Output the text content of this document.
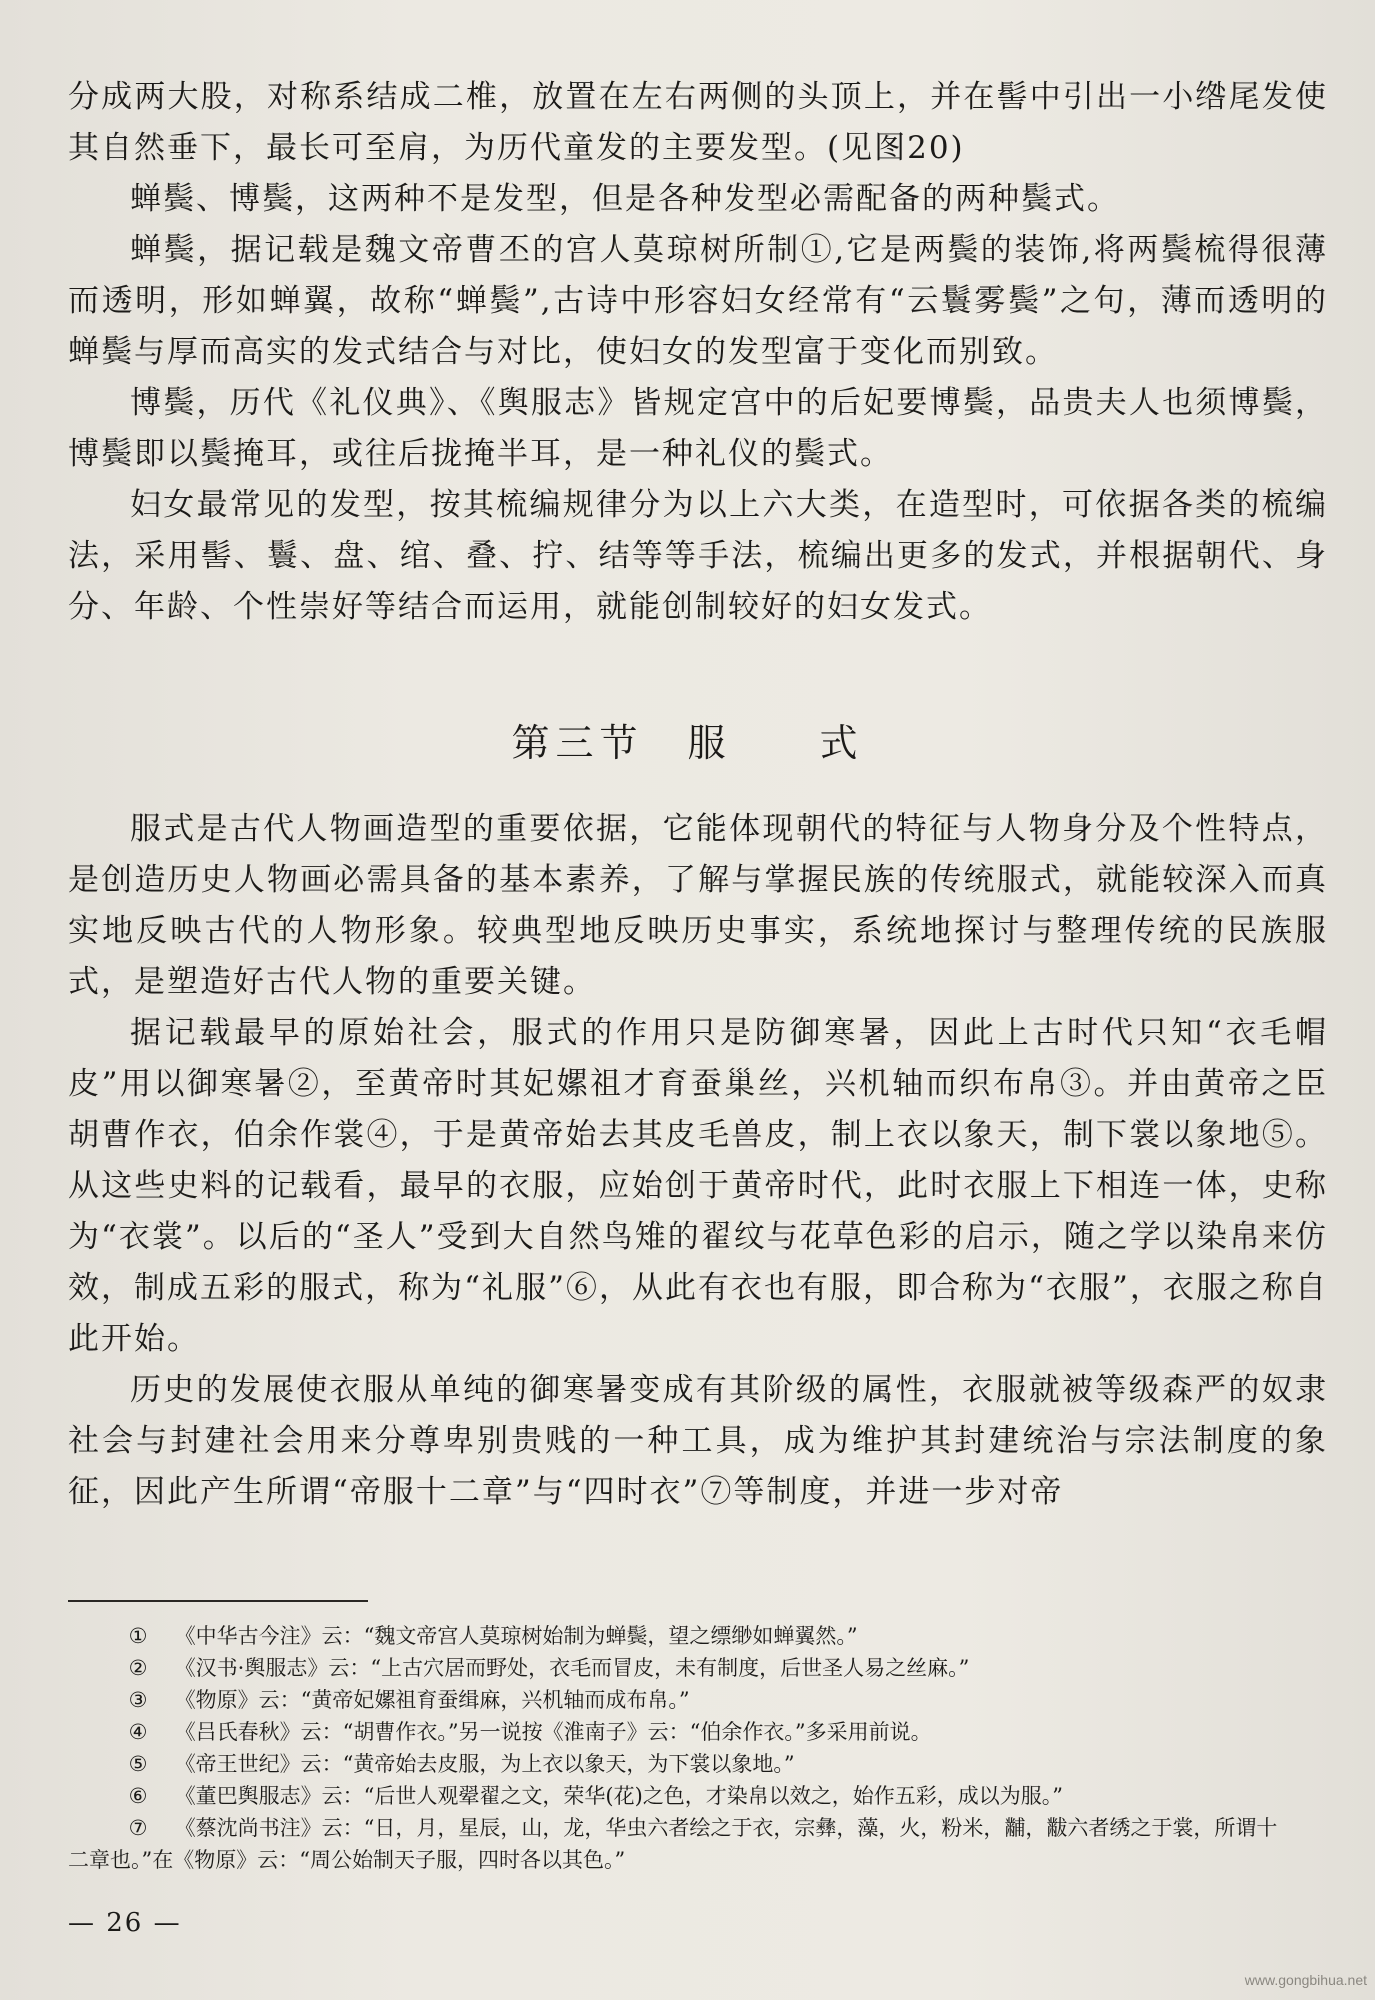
分成两大股，对称系结成二椎，放置在左右两侧的头顶上，并在髻中引出一小绺尾发使其自然垂下，最长可至肩，为历代童发的主要发型。(见图20)

蝉鬓、博鬓，这两种不是发型，但是各种发型必需配备的两种鬓式。

蝉鬓，据记载是魏文帝曹丕的宫人莫琼树所制①,它是两鬓的装饰,将两鬓梳得很薄而透明，形如蝉翼，故称“蝉鬓”,古诗中形容妇女经常有“云鬟雾鬓”之句，薄而透明的蝉鬓与厚而高实的发式结合与对比，使妇女的发型富于变化而别致。

博鬓，历代《礼仪典》、《舆服志》皆规定宫中的后妃要博鬓，品贵夫人也须博鬓，博鬓即以鬓掩耳，或往后拢掩半耳，是一种礼仪的鬓式。

妇女最常见的发型，按其梳编规律分为以上六大类，在造型时，可依据各类的梳编法，采用髻、鬟、盘、绾、叠、拧、结等等手法，梳编出更多的发式，并根据朝代、身分、年龄、个性崇好等结合而运用，就能创制较好的妇女发式。

第三节　服　　式

服式是古代人物画造型的重要依据，它能体现朝代的特征与人物身分及个性特点，是创造历史人物画必需具备的基本素养，了解与掌握民族的传统服式，就能较深入而真实地反映古代的人物形象。较典型地反映历史事实，系统地探讨与整理传统的民族服式，是塑造好古代人物的重要关键。

据记载最早的原始社会，服式的作用只是防御寒暑，因此上古时代只知“衣毛帽皮”用以御寒暑②，至黄帝时其妃嫘祖才育蚕巢丝，兴机轴而织布帛③。并由黄帝之臣胡曹作衣，伯余作裳④，于是黄帝始去其皮毛兽皮，制上衣以象天，制下裳以象地⑤。从这些史料的记载看，最早的衣服，应始创于黄帝时代，此时衣服上下相连一体，史称为“衣裳”。以后的“圣人”受到大自然鸟雉的翟纹与花草色彩的启示，随之学以染帛来仿效，制成五彩的服式，称为“礼服”⑥，从此有衣也有服，即合称为“衣服”，衣服之称自此开始。

历史的发展使衣服从单纯的御寒暑变成有其阶级的属性，衣服就被等级森严的奴隶社会与封建社会用来分尊卑别贵贱的一种工具，成为维护其封建统治与宗法制度的象征，因此产生所谓“帝服十二章”与“四时衣”⑦等制度，并进一步对帝

① 《中华古今注》云：“魏文帝宫人莫琼树始制为蝉鬓，望之缥缈如蝉翼然。”
② 《汉书·舆服志》云：“上古穴居而野处，衣毛而冒皮，未有制度，后世圣人易之丝麻。”
③ 《物原》云：“黄帝妃嫘祖育蚕缉麻，兴机轴而成布帛。”
④ 《吕氏春秋》云：“胡曹作衣。”另一说按《淮南子》云：“伯余作衣。”多采用前说。
⑤ 《帝王世纪》云：“黄帝始去皮服，为上衣以象天，为下裳以象地。”
⑥ 《董巴舆服志》云：“后世人观翚翟之文，荣华(花)之色，才染帛以效之，始作五彩，成以为服。”
⑦ 《蔡沈尚书注》云：“日，月，星辰，山，龙，华虫六者绘之于衣，宗彝，藻，火，粉米，黼，黻六者绣之于裳，所谓十二章也。”在《物原》云：“周公始制天子服，四时各以其色。”
— 26 —
www.gongbihua.net
